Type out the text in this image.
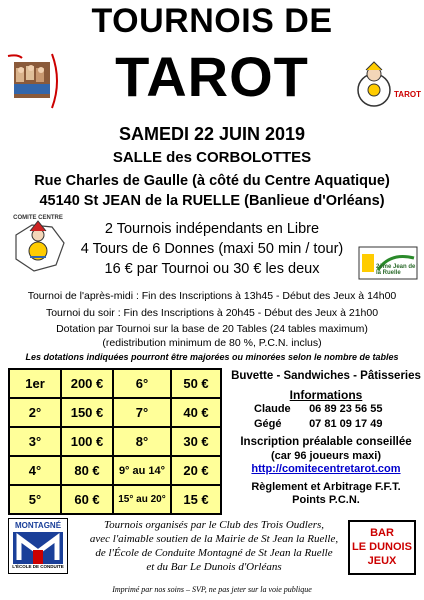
TOURNOIS DE
TAROT	TAROT
SAMEDI 22 JUIN 2019
SALLE des CORBOLOTTES
Rue Charles de Gaulle (à côté du Centre Aquatique)
45140 St JEAN de la RUELLE (Banlieue d'Orléans)
COMITE CENTRE
2 Tournois indépendants en Libre
4 Tours de 6 Donnes (maxi 50 min / tour)
16 € par Tournoi ou 30 € les deux	2ème Jean de la Ruelle
Tournoi de l'après-midi : Fin des Inscriptions à 13h45 - Début des Jeux à 14h00
Tournoi du soir : Fin des Inscriptions à 20h45 - Début des Jeux à 21h00
Dotation par Tournoi sur la base de 20 Tables (24 tables maximum)
(redistribution minimum de 80 %, P.C.N. inclus)
Les dotations indiquées pourront être majorées ou minorées selon le nombre de tables
1er	200 €	6°	50 €
2°	150 €	7°	40 €
3°	100 €	8°	30 €
4°	80 €	9° au 14°	20 €
5°	60 €	15° au 20°	15 €
Buvette - Sandwiches - Pâtisseries
Informations
Claude 06 89 23 56 55
Gégé	07 81 09 17 49
Inscription préalable conseillée
(car 96 joueurs maxi)
http://comitecentretarot.com
Règlement et Arbitrage F.F.T.
Points P.C.N.
MONTAGNÉ
L'ÉCOLE DE CONDUITE
Tournois organisés par le Club des Trois Oudlers,
avec l'aimable soutien de la Mairie de St Jean la Ruelle,
de l'École de Conduite Montagné de St Jean la Ruelle
et du Bar Le Dunois d'Orléans
BAR
LE DUNOIS
JEUX
Imprimé par nos soins – SVP, ne pas jeter sur la voie publique
